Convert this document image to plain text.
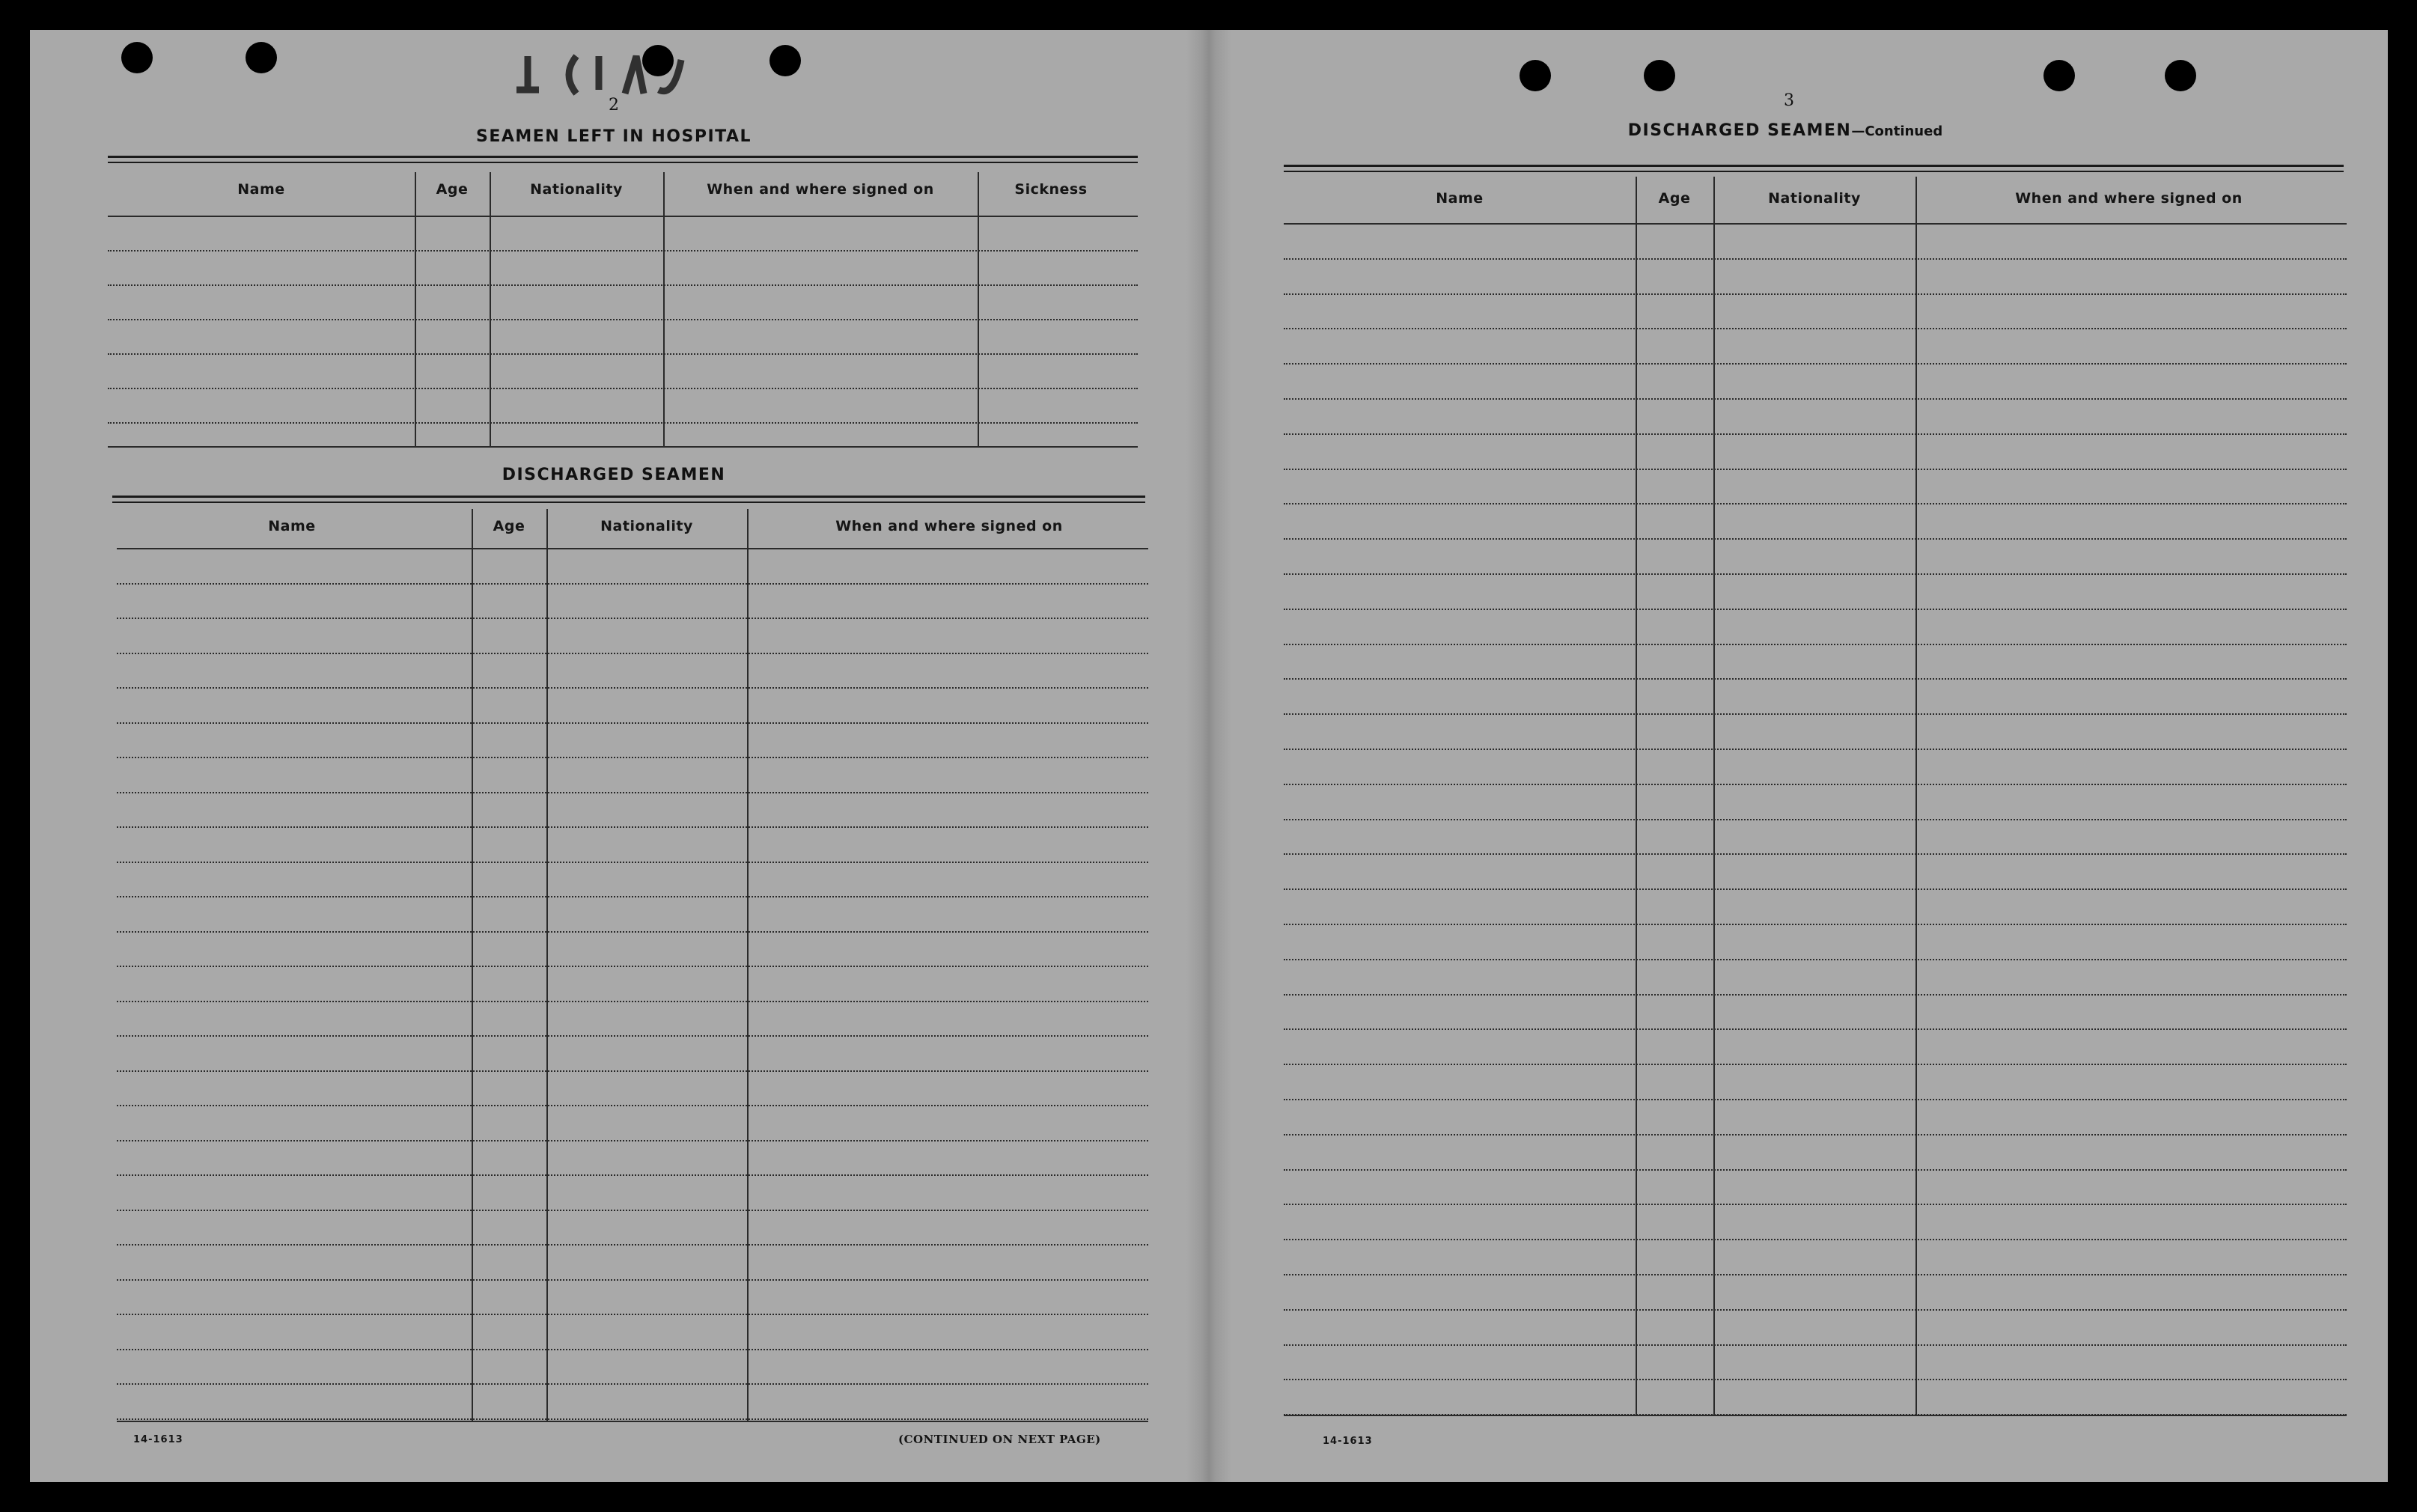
2
SEAMEN LEFT IN HOSPITAL
Name	Age	Nationality	When and where signed on	Sickness
DISCHARGED SEAMEN
Name	Age	Nationality	When and where signed on
14-1613	(CONTINUED ON NEXT PAGE)
3
DISCHARGED SEAMEN—Continued
Name	Age	Nationality	When and where signed on
14-1613
